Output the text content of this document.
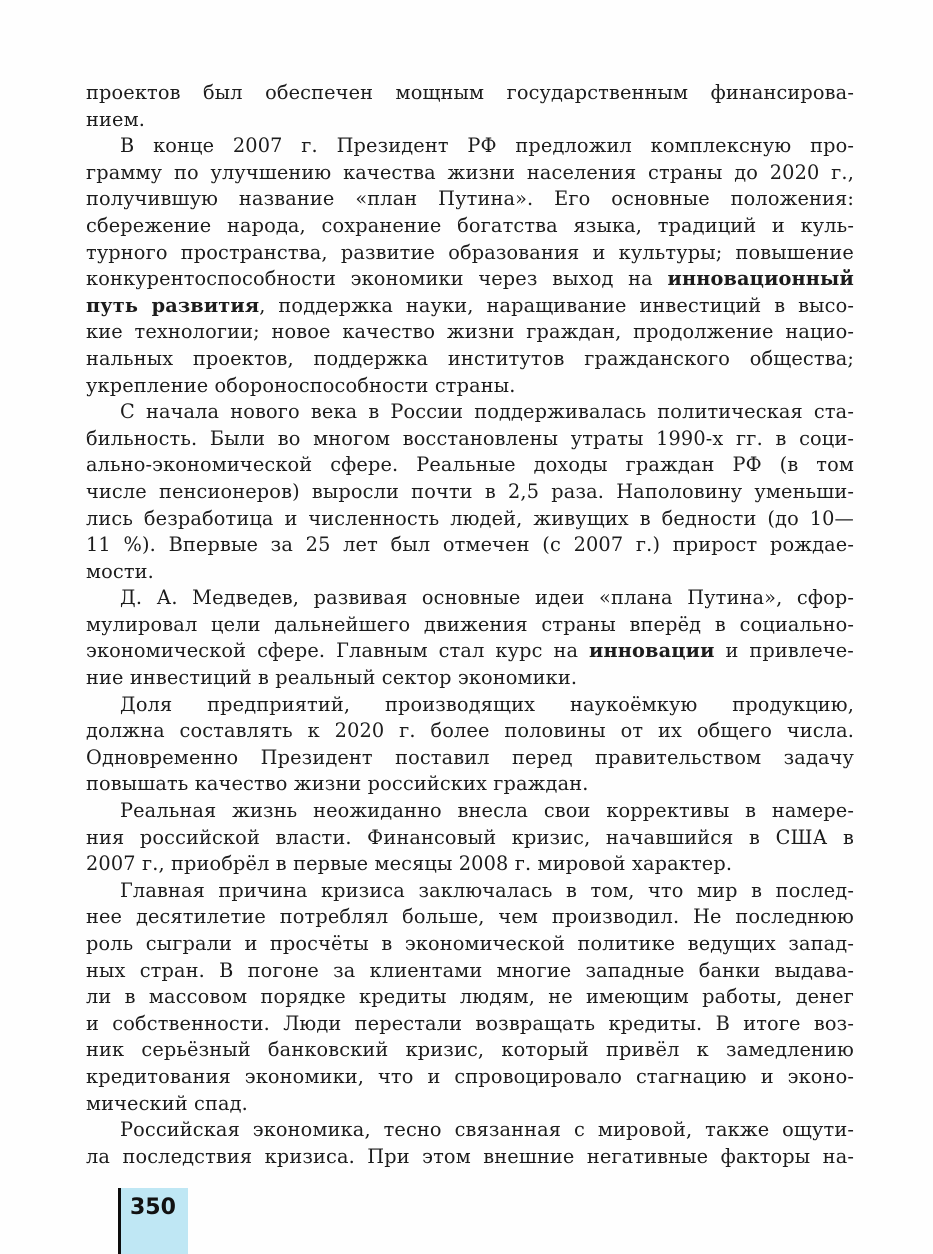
проектов был обеспечен мощным государственным финансирова-
нием.
В конце 2007 г. Президент РФ предложил комплексную про-
грамму по улучшению качества жизни населения страны до 2020 г.,
получившую название «план Путина». Его основные положения:
сбережение народа, сохранение богатства языка, традиций и куль-
турного пространства, развитие образования и культуры; повышение
конкурентоспособности экономики через выход на инновационный
путь развития, поддержка науки, наращивание инвестиций в высо-
кие технологии; новое качество жизни граждан, продолжение нацио-
нальных проектов, поддержка институтов гражданского общества;
укрепление обороноспособности страны.
С начала нового века в России поддерживалась политическая ста-
бильность. Были во многом восстановлены утраты 1990-х гг. в соци-
ально-экономической сфере. Реальные доходы граждан РФ (в том
числе пенсионеров) выросли почти в 2,5 раза. Наполовину уменьши-
лись безработица и численность людей, живущих в бедности (до 10—
11 %). Впервые за 25 лет был отмечен (с 2007 г.) прирост рождае-
мости.
Д. А. Медведев, развивая основные идеи «плана Путина», сфор-
мулировал цели дальнейшего движения страны вперёд в социально-
экономической сфере. Главным стал курс на инновации и привлече-
ние инвестиций в реальный сектор экономики.
Доля предприятий, производящих наукоёмкую продукцию,
должна составлять к 2020 г. более половины от их общего числа.
Одновременно Президент поставил перед правительством задачу
повышать качество жизни российских граждан.
Реальная жизнь неожиданно внесла свои коррективы в намере-
ния российской власти. Финансовый кризис, начавшийся в США в
2007 г., приобрёл в первые месяцы 2008 г. мировой характер.
Главная причина кризиса заключалась в том, что мир в послед-
нее десятилетие потреблял больше, чем производил. Не последнюю
роль сыграли и просчёты в экономической политике ведущих запад-
ных стран. В погоне за клиентами многие западные банки выдава-
ли в массовом порядке кредиты людям, не имеющим работы, денег
и собственности. Люди перестали возвращать кредиты. В итоге воз-
ник серьёзный банковский кризис, который привёл к замедлению
кредитования экономики, что и спровоцировало стагнацию и эконо-
мический спад.
Российская экономика, тесно связанная с мировой, также ощути-
ла последствия кризиса. При этом внешние негативные факторы на-
350
